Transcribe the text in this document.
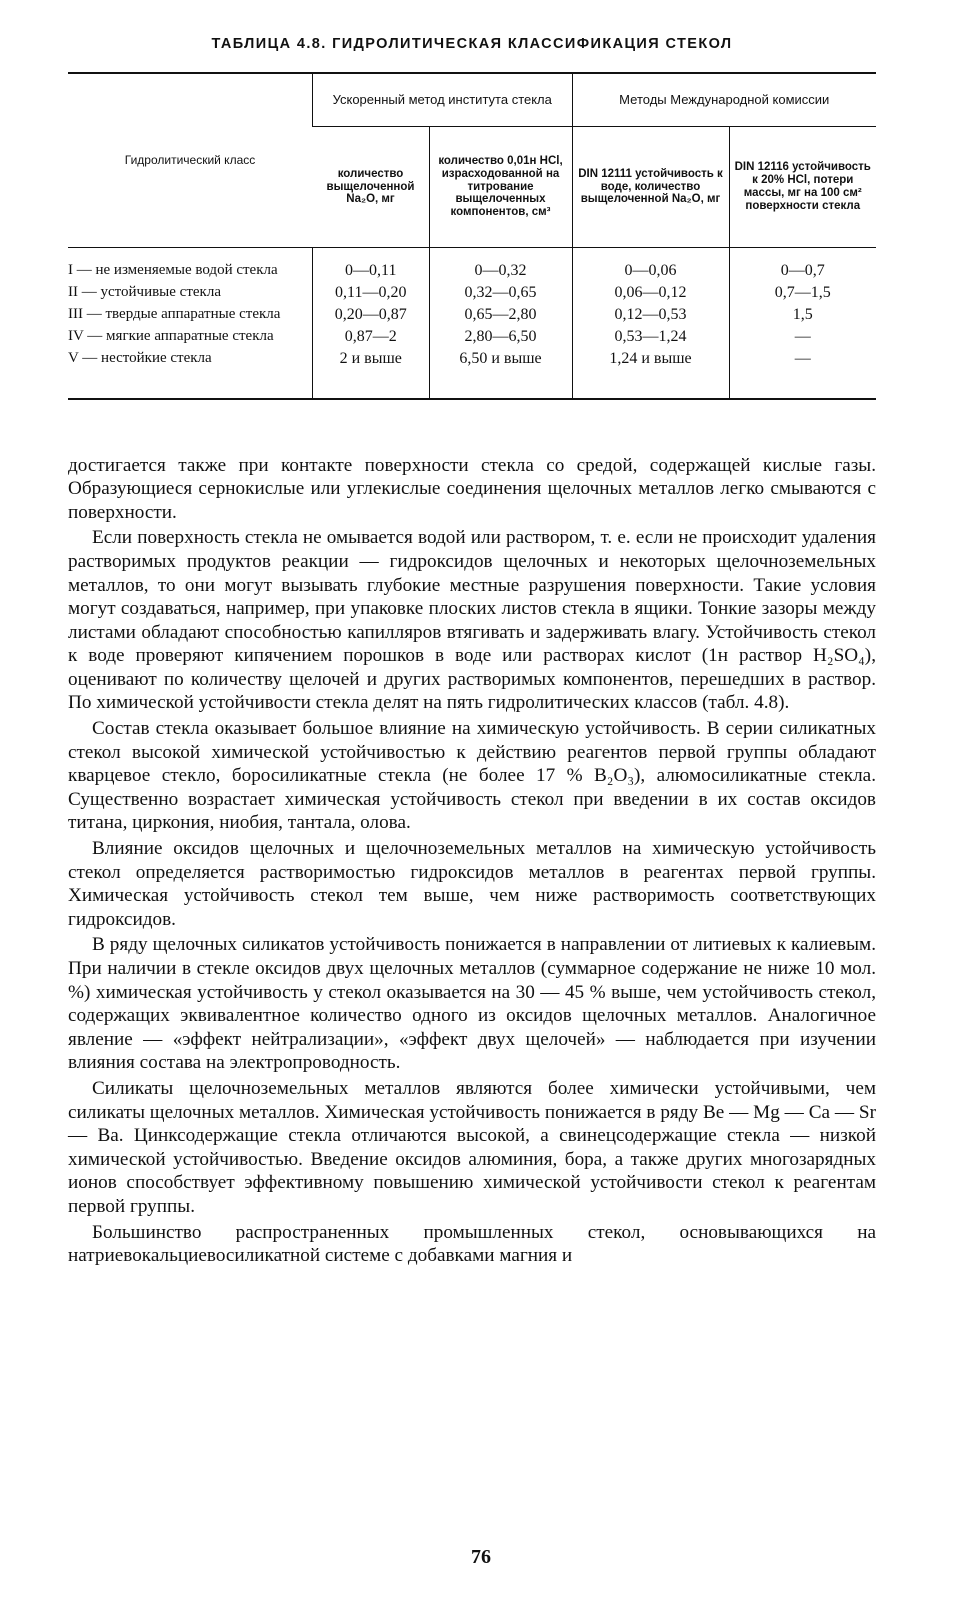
ТАБЛИЦА 4.8. ГИДРОЛИТИЧЕСКАЯ КЛАССИФИКАЦИЯ СТЕКОЛ
Гидролитический класс	Ускоренный метод института стекла		Методы Международной комиссии	
	количество выщелоченной Na₂O, мг	количество 0,01н HCl, израсходованной на титрование выщелоченных компонентов, см³	DIN 12111 устойчивость к воде, количество выщелоченной Na₂O, мг	DIN 12116 устойчивость к 20% HCl, потери массы, мг на 100 см² поверхности стекла
I — не изменяемые водой стекла	0—0,11	0—0,32	0—0,06	0—0,7
II — устойчивые стекла	0,11—0,20	0,32—0,65	0,06—0,12	0,7—1,5
III — твердые аппаратные стекла	0,20—0,87	0,65—2,80	0,12—0,53	1,5
IV — мягкие аппаратные стекла	0,87—2	2,80—6,50	0,53—1,24	—
V — нестойкие стекла	2 и выше	6,50 и выше	1,24 и выше	—

достигается также при контакте поверхности стекла со средой, содержащей кислые газы. Образующиеся сернокислые или углекислые соединения щелочных металлов легко смываются с поверхности.

Если поверхность стекла не омывается водой или раствором, т. е. если не происходит удаления растворимых продуктов реакции — гидроксидов щелочных и некоторых щелочноземельных металлов, то они могут вызывать глубокие местные разрушения поверхности. Такие условия могут создаваться, например, при упаковке плоских листов стекла в ящики. Тонкие зазоры между листами обладают способностью капилляров втягивать и задерживать влагу. Устойчивость стекол к воде проверяют кипячением порошков в воде или растворах кислот (1н раствор H₂SO₄), оценивают по количеству щелочей и других растворимых компонентов, перешедших в раствор. По химической устойчивости стекла делят на пять гидролитических классов (табл. 4.8).

Состав стекла оказывает большое влияние на химическую устойчивость. В серии силикатных стекол высокой химической устойчивостью к действию реагентов первой группы обладают кварцевое стекло, боросиликатные стекла (не более 17 % B₂O₃), алюмосиликатные стекла. Существенно возрастает химическая устойчивость стекол при введении в их состав оксидов титана, циркония, ниобия, тантала, олова.

Влияние оксидов щелочных и щелочноземельных металлов на химическую устойчивость стекол определяется растворимостью гидроксидов металлов в реагентах первой группы. Химическая устойчивость стекол тем выше, чем ниже растворимость соответствующих гидроксидов.

В ряду щелочных силикатов устойчивость понижается в направлении от литиевых к калиевым. При наличии в стекле оксидов двух щелочных металлов (суммарное содержание не ниже 10 мол. %) химическая устойчивость у стекол оказывается на 30 — 45 % выше, чем устойчивость стекол, содержащих эквивалентное количество одного из оксидов щелочных металлов. Аналогичное явление — «эффект нейтрализации», «эффект двух щелочей» — наблюдается при изучении влияния состава на электропроводность.

Силикаты щелочноземельных металлов являются более химически устойчивыми, чем силикаты щелочных металлов. Химическая устойчивость понижается в ряду Be — Mg — Ca — Sr — Ba. Цинксодержащие стекла отличаются высокой, а свинецсодержащие стекла — низкой химической устойчивостью. Введение оксидов алюминия, бора, а также других многозарядных ионов способствует эффективному повышению химической устойчивости стекол к реагентам первой группы.

Большинство распространенных промышленных стекол, основывающихся на натриевокальциевосиликатной системе с добавками магния и

76
